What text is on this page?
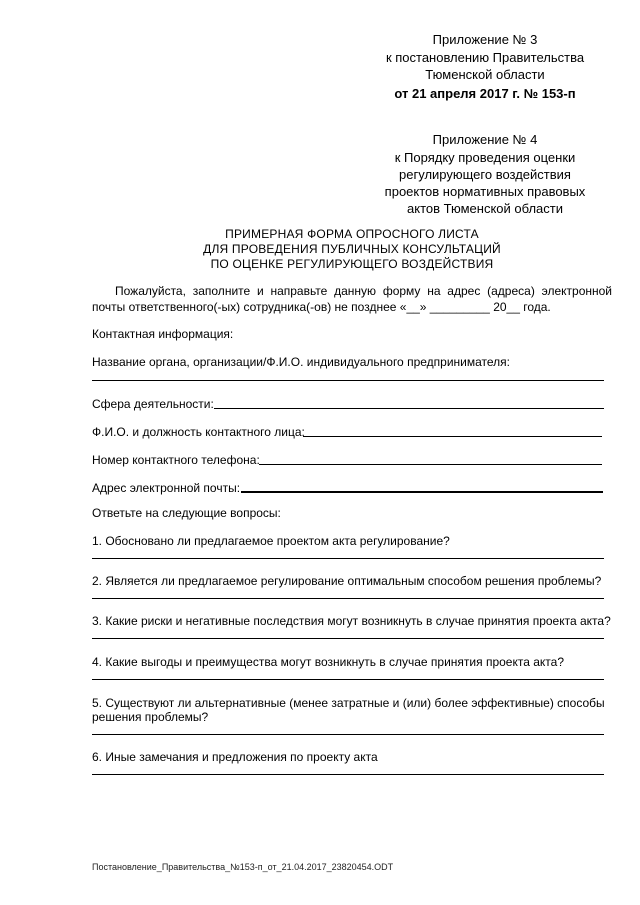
Приложение № 3
к постановлению Правительства
Тюменской области
от 21 апреля 2017 г. № 153-п
Приложение № 4
к Порядку проведения оценки
регулирующего воздействия
проектов нормативных правовых
актов Тюменской области
ПРИМЕРНАЯ ФОРМА ОПРОСНОГО ЛИСТА
ДЛЯ ПРОВЕДЕНИЯ ПУБЛИЧНЫХ КОНСУЛЬТАЦИЙ
ПО ОЦЕНКЕ РЕГУЛИРУЮЩЕГО ВОЗДЕЙСТВИЯ
Пожалуйста, заполните и направьте данную форму на адрес (адреса) электронной
почты ответственного(-ых) сотрудника(-ов) не позднее «__» _________ 20__ года.
Контактная информация:
Название органа, организации/Ф.И.О. индивидуального предпринимателя:
Сфера деятельности:
Ф.И.О. и должность контактного лица:
Номер контактного телефона:
Адрес электронной почты:
Ответьте на следующие вопросы:
1. Обосновано ли предлагаемое проектом акта регулирование?
2. Является ли предлагаемое регулирование оптимальным способом решения проблемы?
3. Какие риски и негативные последствия могут возникнуть в случае принятия проекта акта?
4. Какие выгоды и преимущества могут возникнуть в случае принятия проекта акта?
5. Существуют ли альтернативные (менее затратные и (или) более эффективные) способы
решения проблемы?
6. Иные замечания и предложения по проекту акта
Постановление_Правительства_№153-п_от_21.04.2017_23820454.ODT
